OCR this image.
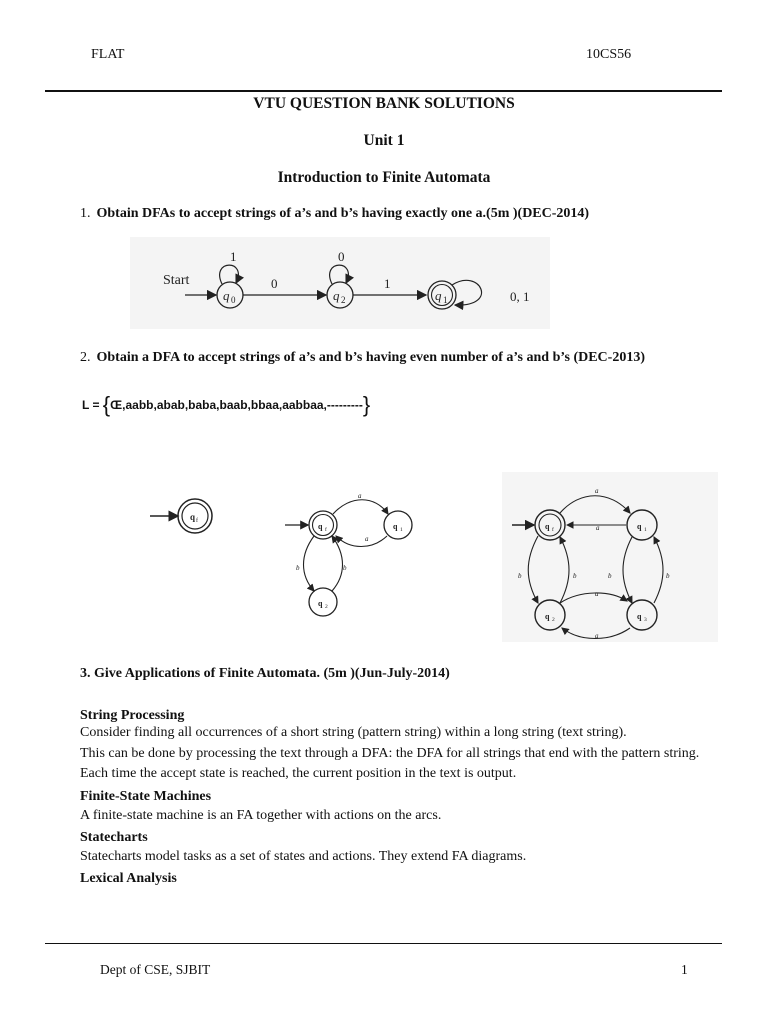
FLAT	10CS56
VTU QUESTION BANK SOLUTIONS
Unit 1
Introduction to Finite Automata
1. Obtain DFAs to accept strings of a’s and b’s having exactly one a.(5m )(DEC-2014)
Start
q 0
1
0
q 2
0
1
q 1	0, 1
2. Obtain a DFA to accept strings of a’s and b’s having even number of a’s and b’s (DEC-2013)
L = {Œ,aabb,abab,baba,baab,bbaa,aabbaa,---------}
q f
q f	q 1
q 2
a
a
b	b
q f	q 1
q 2	q 3
a
a
a
a
b	b	b	b
3. Give Applications of Finite Automata. (5m )(Jun-July-2014)
String Processing
Consider finding all occurrences of a short string (pattern string) within a long string (text string).
This can be done by processing the text through a DFA: the DFA for all strings that end with the pattern string. Each time the accept state is reached, the current position in the text is output.
Finite-State Machines
A finite-state machine is an FA together with actions on the arcs.
Statecharts
Statecharts model tasks as a set of states and actions. They extend FA diagrams.
Lexical Analysis
Dept of CSE, SJBIT	1
